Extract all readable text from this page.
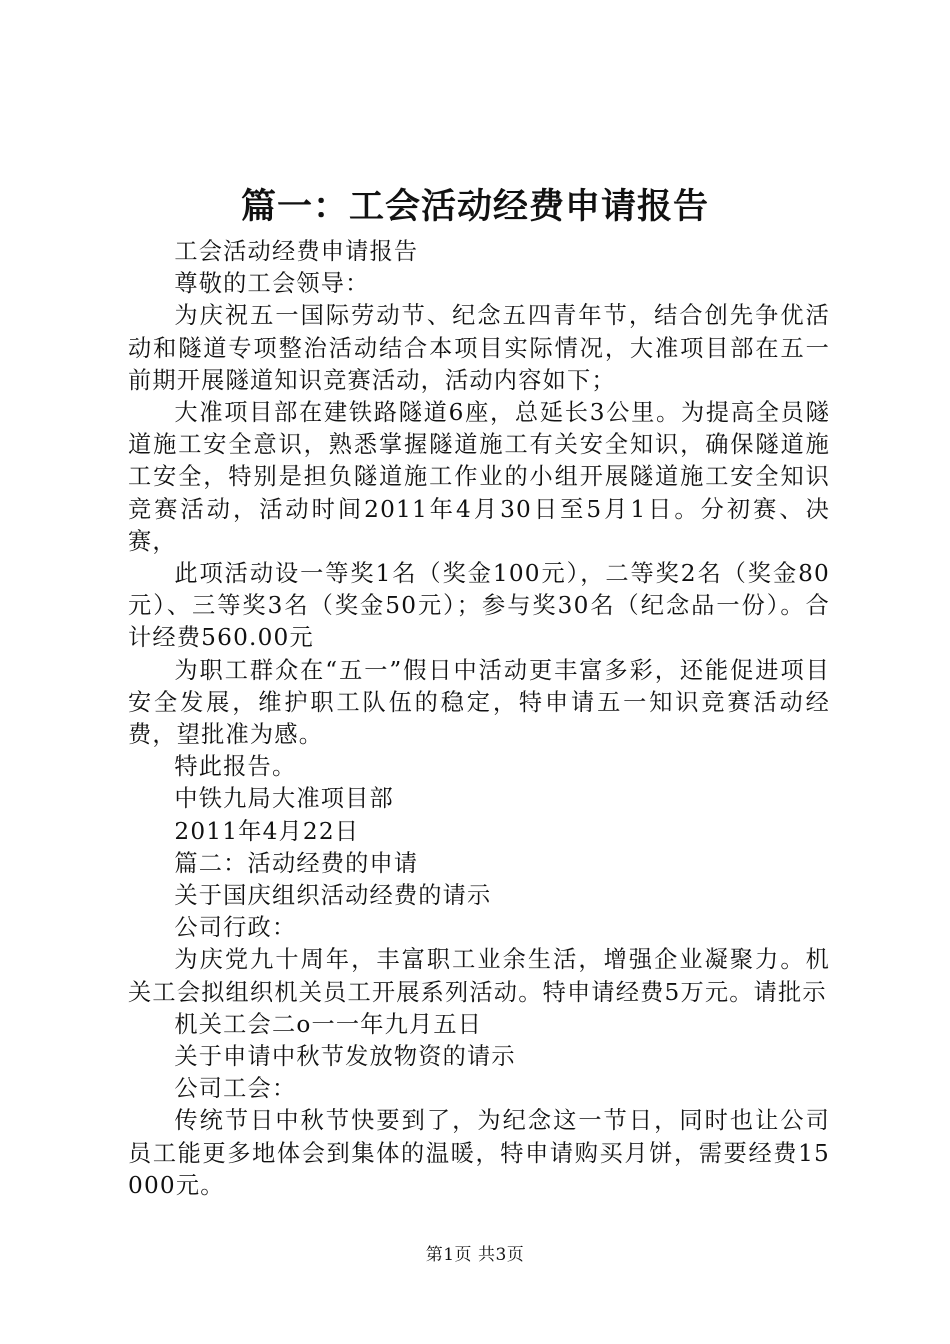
篇一：工会活动经费申请报告

工会活动经费申请报告

尊敬的工会领导：

为庆祝五一国际劳动节、纪念五四青年节，结合创先争优活动和隧道专项整治活动结合本项目实际情况，大准项目部在五一前期开展隧道知识竞赛活动，活动内容如下；

大准项目部在建铁路隧道6座，总延长3公里。为提高全员隧道施工安全意识，熟悉掌握隧道施工有关安全知识，确保隧道施工安全，特别是担负隧道施工作业的小组开展隧道施工安全知识竞赛活动，活动时间2011年4月30日至5月1日。分初赛、决赛，

此项活动设一等奖1名（奖金100元），二等奖2名（奖金80元）、三等奖3名（奖金50元）；参与奖30名（纪念品一份）。合计经费560.00元

为职工群众在“五一”假日中活动更丰富多彩，还能促进项目安全发展，维护职工队伍的稳定，特申请五一知识竞赛活动经费，望批准为感。

特此报告。

中铁九局大准项目部

2011年4月22日

篇二：活动经费的申请

关于国庆组织活动经费的请示

公司行政：

为庆党九十周年，丰富职工业余生活，增强企业凝聚力。机关工会拟组织机关员工开展系列活动。特申请经费5万元。请批示

机关工会二o一一年九月五日

关于申请中秋节发放物资的请示

公司工会：

传统节日中秋节快要到了，为纪念这一节日，同时也让公司员工能更多地体会到集体的温暖，特申请购买月饼，需要经费15000元。

第1页 共3页
